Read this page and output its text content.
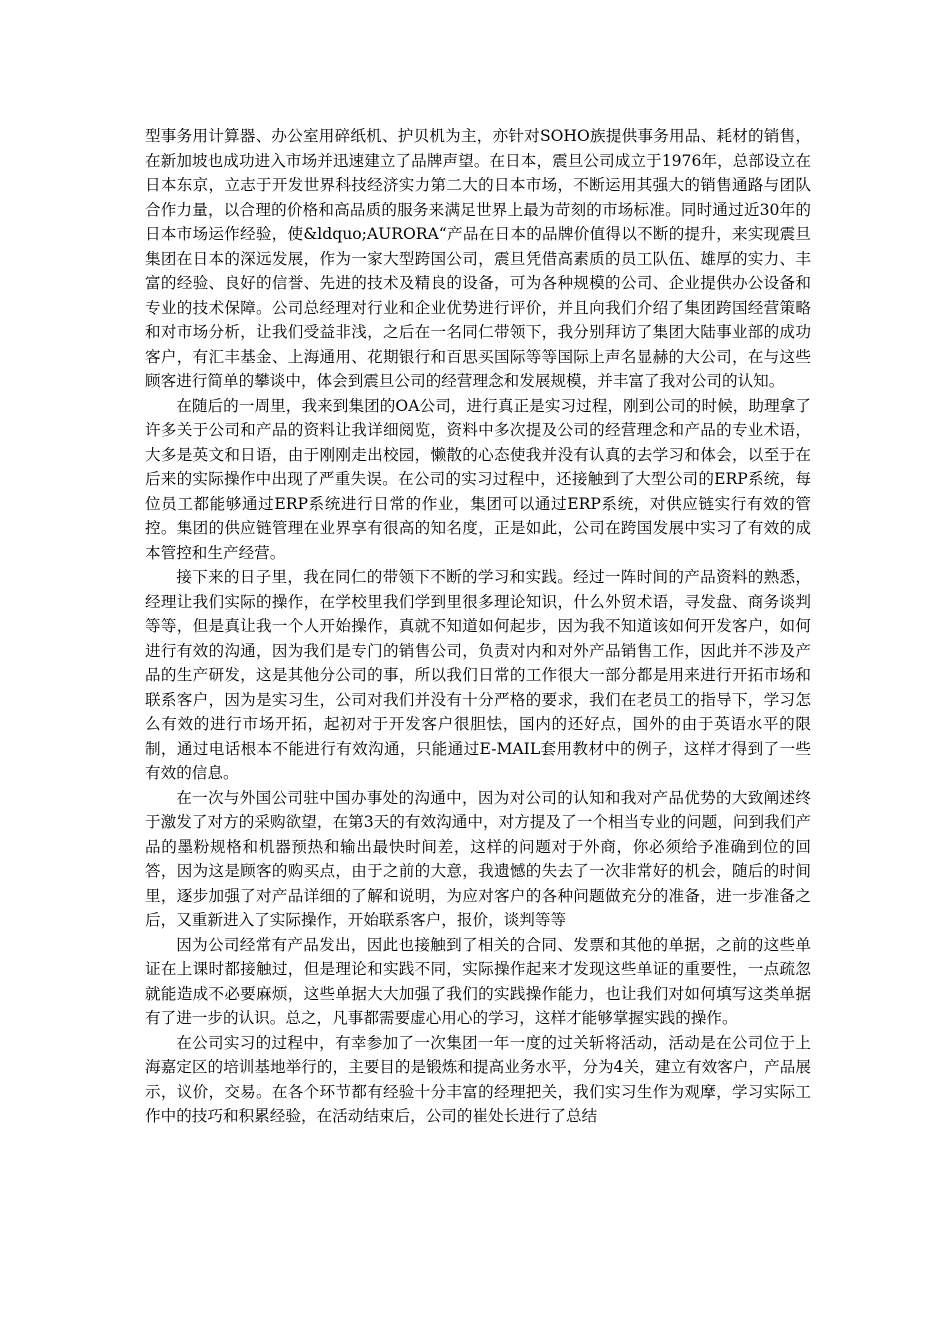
型事务用计算器、办公室用碎纸机、护贝机为主，亦针对SOHO族提供事务用品、耗材的销售，在新加坡也成功进入市场并迅速建立了品牌声望。在日本，震旦公司成立于1976年，总部设立在日本东京，立志于开发世界科技经济实力第二大的日本市场，不断运用其强大的销售通路与团队合作力量，以合理的价格和高品质的服务来满足世界上最为苛刻的市场标准。同时通过近30年的日本市场运作经验，使&ldquo;AURORA“产品在日本的品牌价值得以不断的提升，来实现震旦集团在日本的深远发展，作为一家大型跨国公司，震旦凭借高素质的员工队伍、雄厚的实力、丰富的经验、良好的信誉、先进的技术及精良的设备，可为各种规模的公司、企业提供办公设备和专业的技术保障。公司总经理对行业和企业优势进行评价，并且向我们介绍了集团跨国经营策略和对市场分析，让我们受益非浅，之后在一名同仁带领下，我分别拜访了集团大陆事业部的成功客户，有汇丰基金、上海通用、花期银行和百思买国际等等国际上声名显赫的大公司，在与这些顾客进行简单的攀谈中，体会到震旦公司的经营理念和发展规模，并丰富了我对公司的认知。

在随后的一周里，我来到集团的OA公司，进行真正是实习过程，刚到公司的时候，助理拿了许多关于公司和产品的资料让我详细阅览，资料中多次提及公司的经营理念和产品的专业术语，大多是英文和日语，由于刚刚走出校园，懒散的心态使我并没有认真的去学习和体会，以至于在后来的实际操作中出现了严重失误。在公司的实习过程中，还接触到了大型公司的ERP系统，每位员工都能够通过ERP系统进行日常的作业，集团可以通过ERP系统，对供应链实行有效的管控。集团的供应链管理在业界享有很高的知名度，正是如此，公司在跨国发展中实习了有效的成本管控和生产经营。

接下来的日子里，我在同仁的带领下不断的学习和实践。经过一阵时间的产品资料的熟悉，经理让我们实际的操作，在学校里我们学到里很多理论知识，什么外贸术语，寻发盘、商务谈判等等，但是真让我一个人开始操作，真就不知道如何起步，因为我不知道该如何开发客户，如何进行有效的沟通，因为我们是专门的销售公司，负责对内和对外产品销售工作，因此并不涉及产品的生产研发，这是其他分公司的事，所以我们日常的工作很大一部分都是用来进行开拓市场和联系客户，因为是实习生，公司对我们并没有十分严格的要求，我们在老员工的指导下，学习怎么有效的进行市场开拓，起初对于开发客户很胆怯，国内的还好点，国外的由于英语水平的限制，通过电话根本不能进行有效沟通，只能通过E-MAIL套用教材中的例子，这样才得到了一些有效的信息。

在一次与外国公司驻中国办事处的沟通中，因为对公司的认知和我对产品优势的大致阐述终于激发了对方的采购欲望，在第3天的有效沟通中，对方提及了一个相当专业的问题，问到我们产品的墨粉规格和机器预热和输出最快时间差，这样的问题对于外商，你必须给予准确到位的回答，因为这是顾客的购买点，由于之前的大意，我遗憾的失去了一次非常好的机会，随后的时间里，逐步加强了对产品详细的了解和说明，为应对客户的各种问题做充分的准备，进一步准备之后，又重新进入了实际操作，开始联系客户，报价，谈判等等

因为公司经常有产品发出，因此也接触到了相关的合同、发票和其他的单据，之前的这些单证在上课时都接触过，但是理论和实践不同，实际操作起来才发现这些单证的重要性，一点疏忽就能造成不必要麻烦，这些单据大大加强了我们的实践操作能力，也让我们对如何填写这类单据有了进一步的认识。总之，凡事都需要虚心用心的学习，这样才能够掌握实践的操作。

在公司实习的过程中，有幸参加了一次集团一年一度的过关斩将活动，活动是在公司位于上海嘉定区的培训基地举行的，主要目的是锻炼和提高业务水平，分为4关，建立有效客户，产品展示，议价，交易。在各个环节都有经验十分丰富的经理把关，我们实习生作为观摩，学习实际工作中的技巧和积累经验，在活动结束后，公司的崔处长进行了总结
